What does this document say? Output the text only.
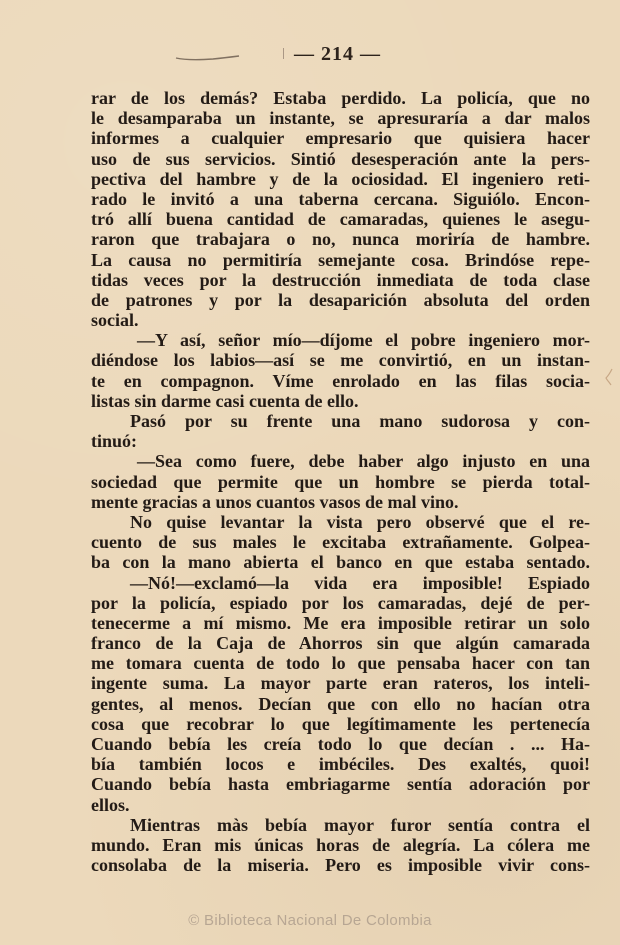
— 214 —
rar de los demás? Estaba perdido. La policía, que no
le desamparaba un instante, se apresuraría a dar malos
informes a cualquier empresario que quisiera hacer
uso de sus servicios. Sintió desesperación ante la pers-
pectiva del hambre y de la ociosidad. El ingeniero reti-
rado le invitó a una taberna cercana. Siguiólo. Encon-
tró allí buena cantidad de camaradas, quienes le asegu-
raron que trabajara o no, nunca moriría de hambre.
La causa no permitiría semejante cosa. Brindóse repe-
tidas veces por la destrucción inmediata de toda clase
de patrones y por la desaparición absoluta del orden
social.
—Y así, señor mío—díjome el pobre ingeniero mor-
diéndose los labios—así se me convirtió, en un instan-
te en compagnon. Víme enrolado en las filas socia-
listas sin darme casi cuenta de ello.
Pasó por su frente una mano sudorosa y con-
tinuó:
—Sea como fuere, debe haber algo injusto en una
sociedad que permite que un hombre se pierda total-
mente gracias a unos cuantos vasos de mal vino.
No quise levantar la vista pero observé que el re-
cuento de sus males le excitaba extrañamente. Golpea-
ba con la mano abierta el banco en que estaba sentado.
—Nó!—exclamó—la vida era imposible! Espiado
por la policía, espiado por los camaradas, dejé de per-
tenecerme a mí mismo. Me era imposible retirar un solo
franco de la Caja de Ahorros sin que algún camarada
me tomara cuenta de todo lo que pensaba hacer con tan
ingente suma. La mayor parte eran rateros, los inteli-
gentes, al menos. Decían que con ello no hacían otra
cosa que recobrar lo que legítimamente les pertenecía
Cuando bebía les creía todo lo que decían . ... Ha-
bía también locos e imbéciles. Des exaltés, quoi!
Cuando bebía hasta embriagarme sentía adoración por
ellos.
Mientras màs bebía mayor furor sentía contra el
mundo. Eran mis únicas horas de alegría. La cólera me
consolaba de la miseria. Pero es imposible vivir cons-
© Biblioteca Nacional De Colombia
